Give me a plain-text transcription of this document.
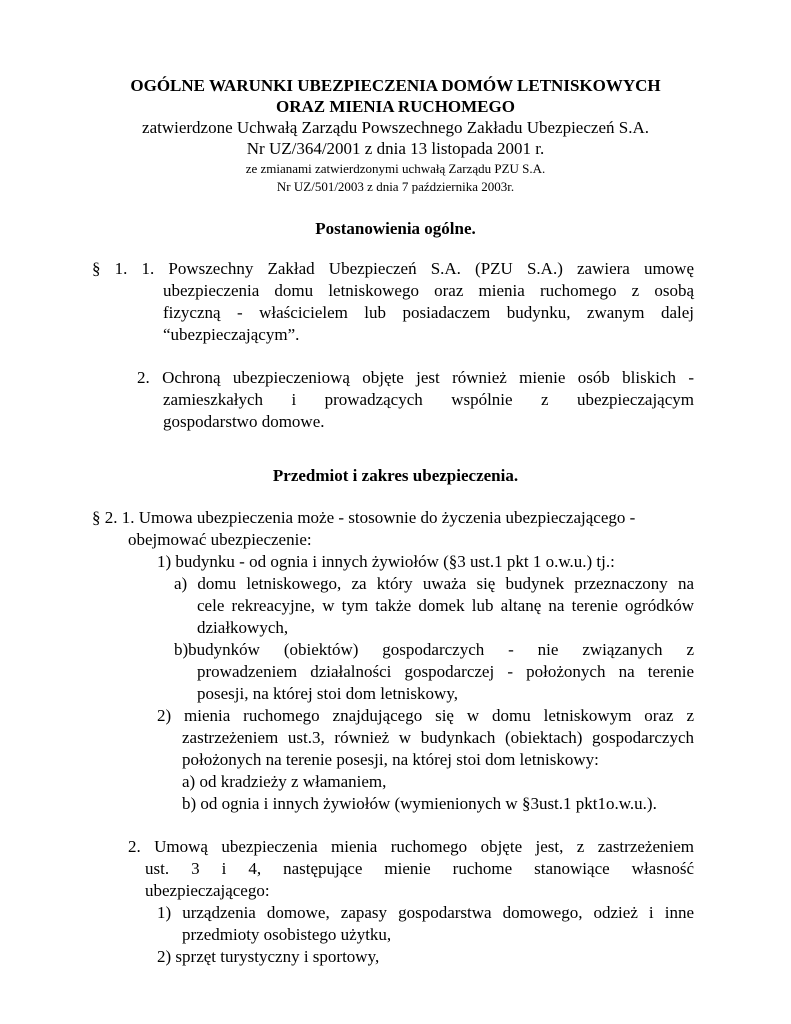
OGÓLNE WARUNKI UBEZPIECZENIA DOMÓW LETNISKOWYCH
ORAZ MIENIA RUCHOMEGO
zatwierdzone Uchwałą Zarządu Powszechnego Zakładu Ubezpieczeń S.A.
Nr UZ/364/2001 z dnia 13 listopada 2001 r.
ze zmianami zatwierdzonymi uchwałą Zarządu PZU S.A.
Nr UZ/501/2003 z dnia 7 października 2003r.
Postanowienia ogólne.
§ 1. 1. Powszechny Zakład Ubezpieczeń S.A. (PZU S.A.) zawiera umowę
ubezpieczenia domu letniskowego oraz mienia ruchomego z osobą
fizyczną - właścicielem lub posiadaczem budynku, zwanym dalej
“ubezpieczającym”.
2. Ochroną ubezpieczeniową objęte jest również mienie osób bliskich -
zamieszkałych i prowadzących wspólnie z ubezpieczającym
gospodarstwo domowe.
Przedmiot i zakres ubezpieczenia.
§ 2. 1. Umowa ubezpieczenia może - stosownie do życzenia ubezpieczającego -
obejmować ubezpieczenie:
1) budynku - od ognia i innych żywiołów (§3 ust.1 pkt 1 o.w.u.) tj.:
a) domu letniskowego, za który uważa się budynek przeznaczony na
cele rekreacyjne, w tym także domek lub altanę na terenie ogródków
działkowych,
b)budynków (obiektów) gospodarczych - nie związanych z
prowadzeniem działalności gospodarczej - położonych na terenie
posesji, na której stoi dom letniskowy,
2) mienia ruchomego znajdującego się w domu letniskowym oraz z
zastrzeżeniem ust.3, również w budynkach (obiektach) gospodarczych
położonych na terenie posesji, na której stoi dom letniskowy:
a) od kradzieży z włamaniem,
b) od ognia i innych żywiołów (wymienionych w §3ust.1 pkt1o.w.u.).
2. Umową ubezpieczenia mienia ruchomego objęte jest, z zastrzeżeniem
ust. 3 i 4, następujące mienie ruchome stanowiące własność
ubezpieczającego:
1) urządzenia domowe, zapasy gospodarstwa domowego, odzież i inne
przedmioty osobistego użytku,
2) sprzęt turystyczny i sportowy,
